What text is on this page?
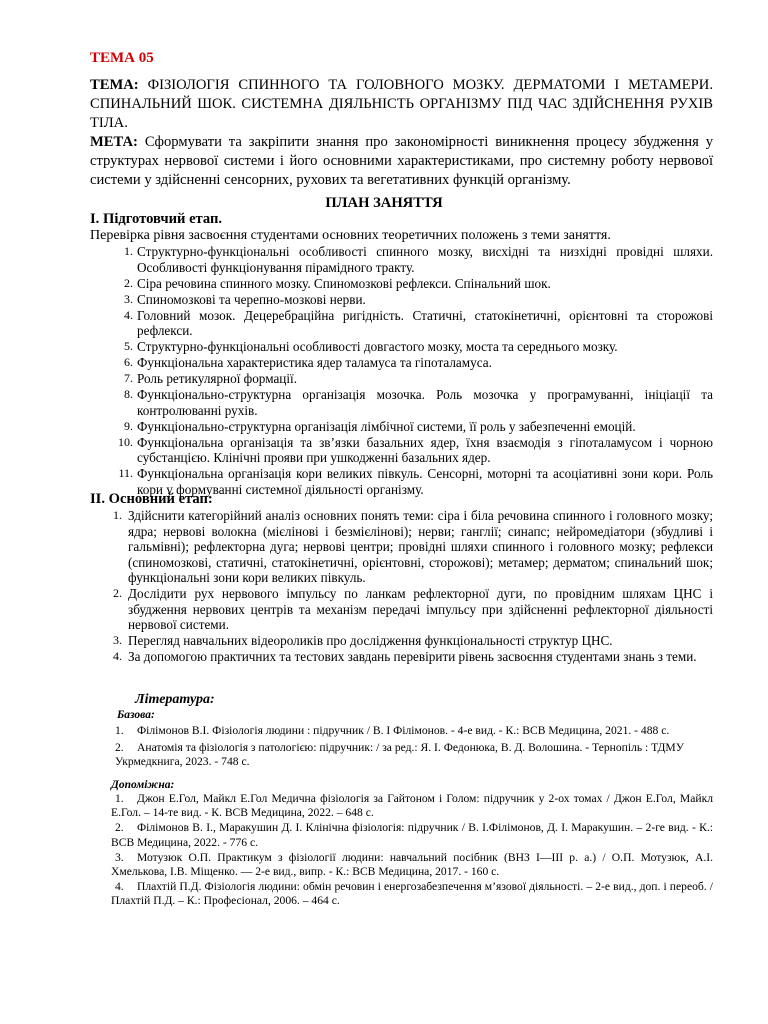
ТЕМА 05
ТЕМА: ФІЗІОЛОГІЯ СПИННОГО ТА ГОЛОВНОГО МОЗКУ. ДЕРМАТОМИ І МЕТАМЕРИ. СПИНАЛЬНИЙ ШОК. СИСТЕМНА ДІЯЛЬНІСТЬ ОРГАНІЗМУ ПІД ЧАС ЗДІЙСНЕННЯ РУХІВ ТІЛА.
МЕТА: Сформувати та закріпити знання про закономірності виникнення процесу збудження у структурах нервової системи і його основними характеристиками, про системну роботу нервової системи у здійсненні сенсорних, рухових та вегетативних функцій організму.
ПЛАН ЗАНЯТТЯ
I. Підготовчий етап.
Перевірка рівня засвоєння студентами основних теоретичних положень з теми заняття.
1. Структурно-функціональні особливості спинного мозку, висхідні та низхідні провідні шляхи. Особливості функціонування пірамідного тракту.
2. Сіра речовина спинного мозку. Спиномозкові рефлекси. Спінальний шок.
3. Спиномозкові та черепно-мозкові нерви.
4. Головний мозок. Децеребраційна ригідність. Статичні, статокінетичні, орієнтовні та сторожові рефлекси.
5. Структурно-функціональні особливості довгастого мозку, моста та середнього мозку.
6. Функціональна характеристика ядер таламуса та гіпоталамуса.
7. Роль ретикулярної формації.
8. Функціонально-структурна організація мозочка. Роль мозочка у програмуванні, ініціації та контролюванні рухів.
9. Функціонально-структурна організація лімбічної системи, її роль у забезпеченні емоцій.
10. Функціональна організація та зв’язки базальних ядер, їхня взаємодія з гіпоталамусом і чорною субстанцією. Клінічні прояви при ушкодженні базальних ядер.
11. Функціональна організація кори великих півкуль. Сенсорні, моторні та асоціативні зони кори. Роль кори у формуванні системної діяльності організму.
II. Основний етап:
1. Здійснити категорійний аналіз основних понять теми: сіра і біла речовина спинного і головного мозку; ядра; нервові волокна (мієлінові і безмієлінові); нерви; ганглії; синапс; нейромедіатори (збудливі і гальмівні); рефлекторна дуга; нервові центри; провідні шляхи спинного і головного мозку; рефлекси (спиномозкові, статичні, статокінетичні, орієнтовні, сторожові); метамер; дерматом; спинальний шок; функціональні зони кори великих півкуль.
2. Дослідити рух нервового імпульсу по ланкам рефлекторної дуги, по провідним шляхам ЦНС і збудження нервових центрів та механізм передачі імпульсу при здійсненні рефлекторної діяльності нервової системи.
3. Перегляд навчальних відеороликів про дослідження функціональності структур ЦНС.
4. За допомогою практичних та тестових завдань перевірити рівень засвоєння студентами знань з теми.
Література:
Базова:
1. Філімонов В.І. Фізіологія людини : підручник / В. І Філімонов. - 4-е вид. - К.: ВСВ Медицина, 2021. - 488 с.
2. Анатомія та фізіологія з патологією: підручник: / за ред.: Я. І. Федонюка, В. Д. Волошина. - Тернопіль : ТДМУ Укрмедкнига, 2023. - 748 с.
Допоміжна:
1. Джон Е.Гол, Майкл Е.Гол Медична фізіологія за Гайтоном і Голом: підручник у 2-ох томах / Джон Е.Гол, Майкл Е.Гол. – 14-те вид. - К. ВСВ Медицина, 2022. – 648 с.
2. Філімонов В. І., Маракушин Д. І. Клінічна фізіологія: підручник / В. І.Філімонов, Д. І. Маракушин. – 2-ге вид. - К.: ВСВ Медицина, 2022. - 776 с.
3. Мотузюк О.П. Практикум з фізіології людини: навчальний посібник (ВНЗ І—ІІІ р. а.) / О.П. Мотузюк, А.І. Хмелькова, І.В. Міщенко. — 2-е вид., випр. - К.: ВСВ Медицина, 2017. - 160 с.
4. Плахтій П.Д. Фізіологія людини: обмін речовин і енергозабезпечення м’язової діяльності. – 2-е вид., доп. і переоб. / Плахтій П.Д. – К.: Професіонал, 2006. – 464 с.
